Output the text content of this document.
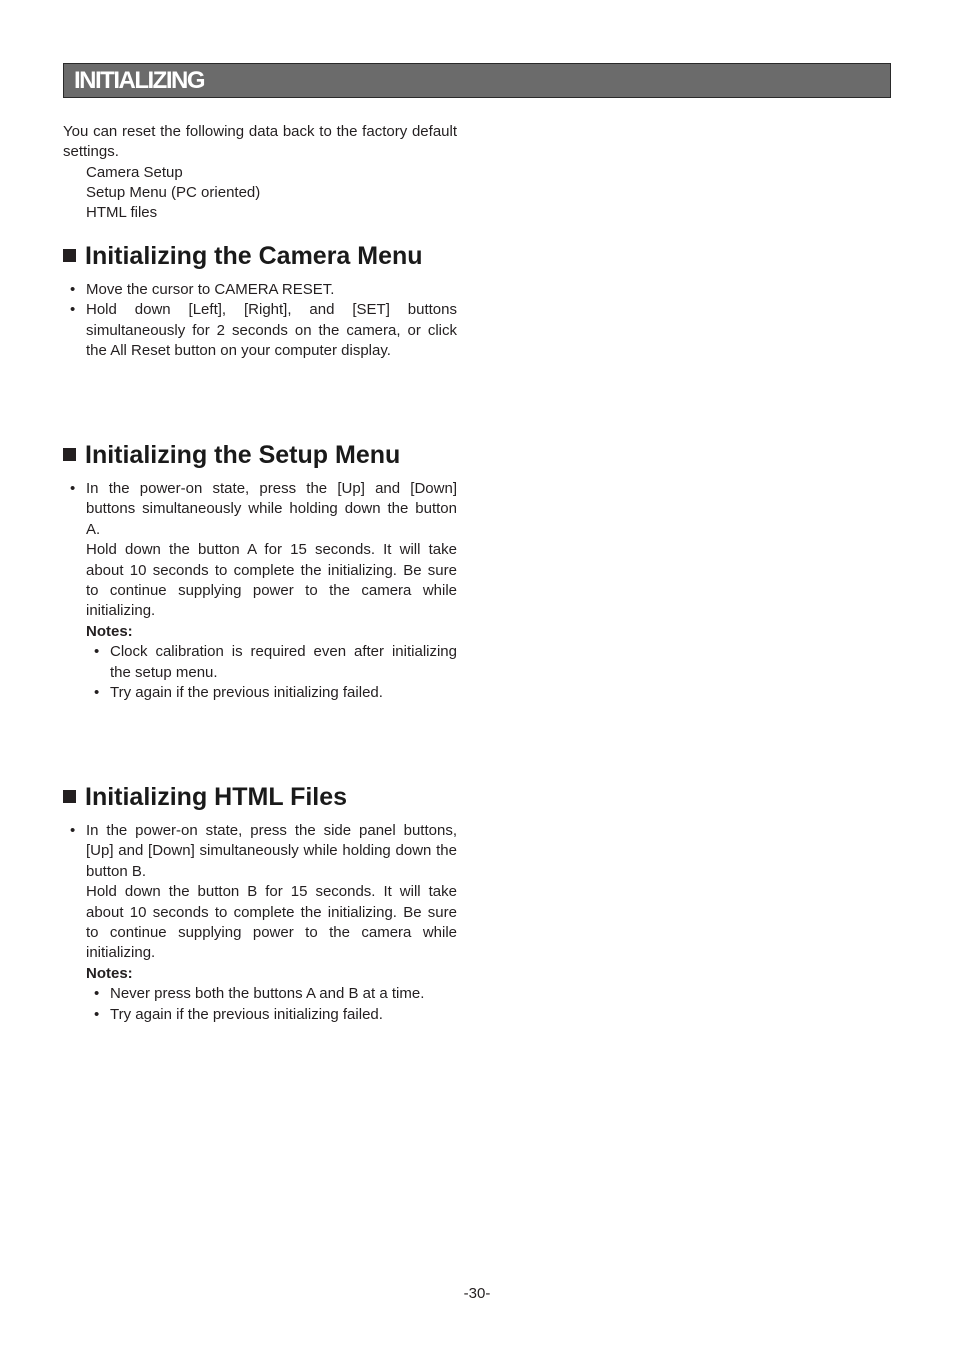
INITIALIZING

You can reset the following data back to the factory default settings.

Camera Setup

Setup Menu (PC oriented)

HTML files

Initializing the Camera Menu
• Move the cursor to CAMERA RESET.
• Hold down [Left], [Right], and [SET] buttons simultaneously for 2 seconds on the camera, or click the All Reset button on your computer display.
Initializing the Setup Menu
• In the power-on state, press the [Up] and [Down] buttons simultaneously while holding down the button A.

Hold down the button A for 15 seconds. It will take about 10 seconds to complete the initializing. Be sure to continue supplying power to the camera while initializing.

Notes:

• Clock calibration is required even after initializing the setup menu.
• Try again if the previous initializing failed.
Initializing HTML Files
• In the power-on state, press the side panel buttons, [Up] and [Down] simultaneously while holding down the button B.

Hold down the button B for 15 seconds. It will take about 10 seconds to complete the initializing. Be sure to continue supplying power to the camera while initializing.

Notes:

• Never press both the buttons A and B at a time.
• Try again if the previous initializing failed.
-30-
